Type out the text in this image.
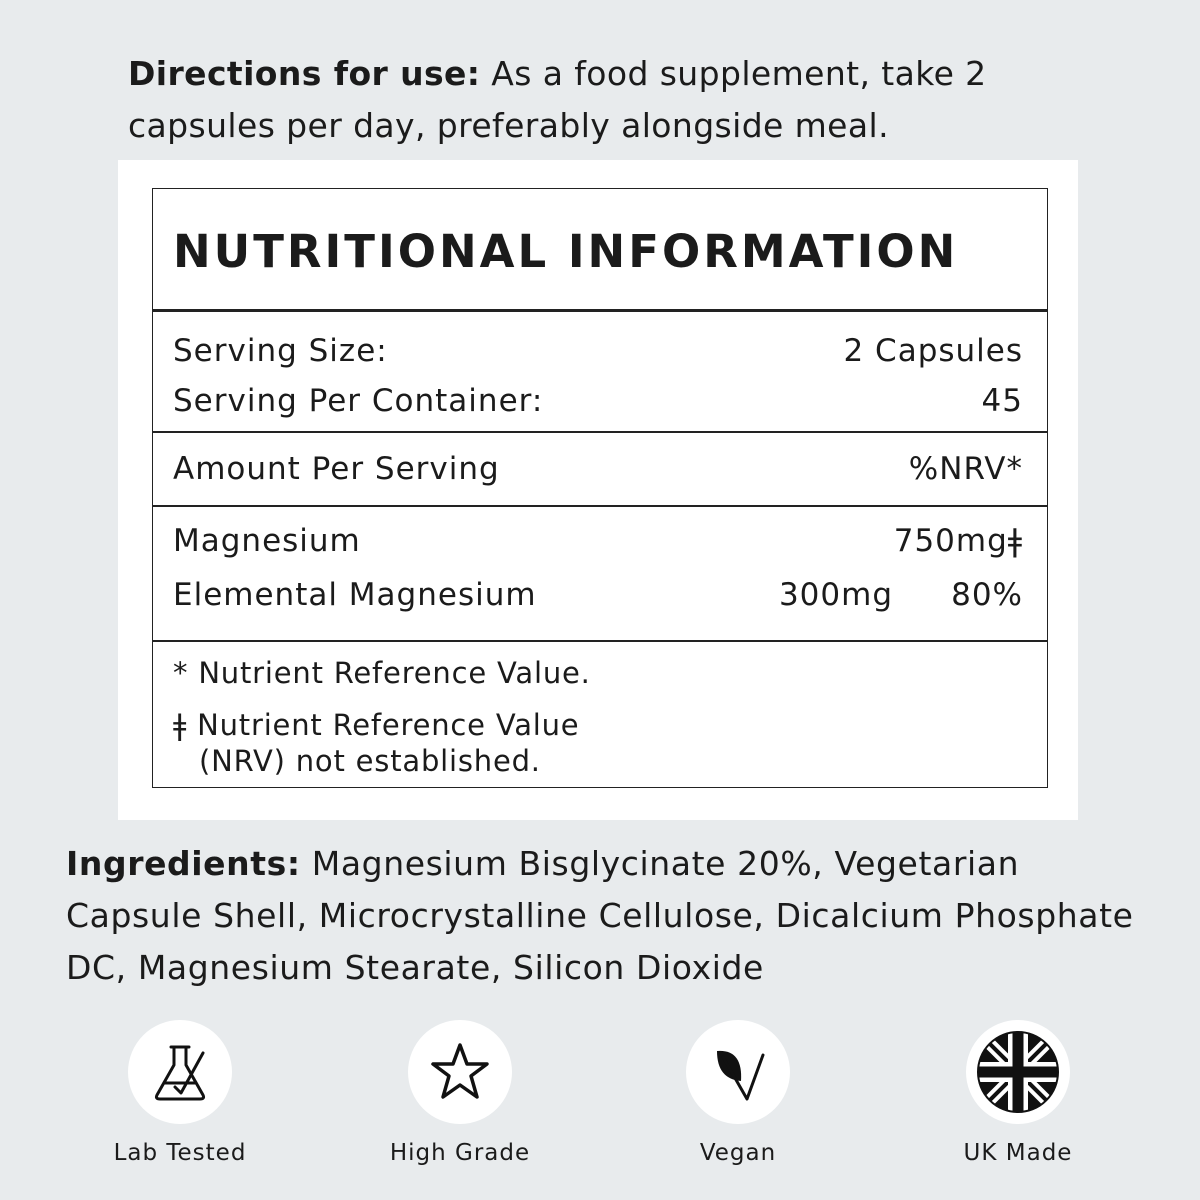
Directions for use: As a food supplement, take 2 capsules per day, preferably alongside meal.
NUTRITIONAL INFORMATION
Serving Size:	2 Capsules
Serving Per Container:	45
Amount Per Serving	%NRV*
Magnesium	750mgǂ
Elemental Magnesium	300mg 80%
* Nutrient Reference Value.
ǂ Nutrient Reference Value
(NRV) not established.
Ingredients: Magnesium Bisglycinate 20%, Vegetarian Capsule Shell, Microcrystalline Cellulose, Dicalcium Phosphate DC, Magnesium Stearate, Silicon Dioxide
Lab Tested	High Grade	Vegan	UK Made
